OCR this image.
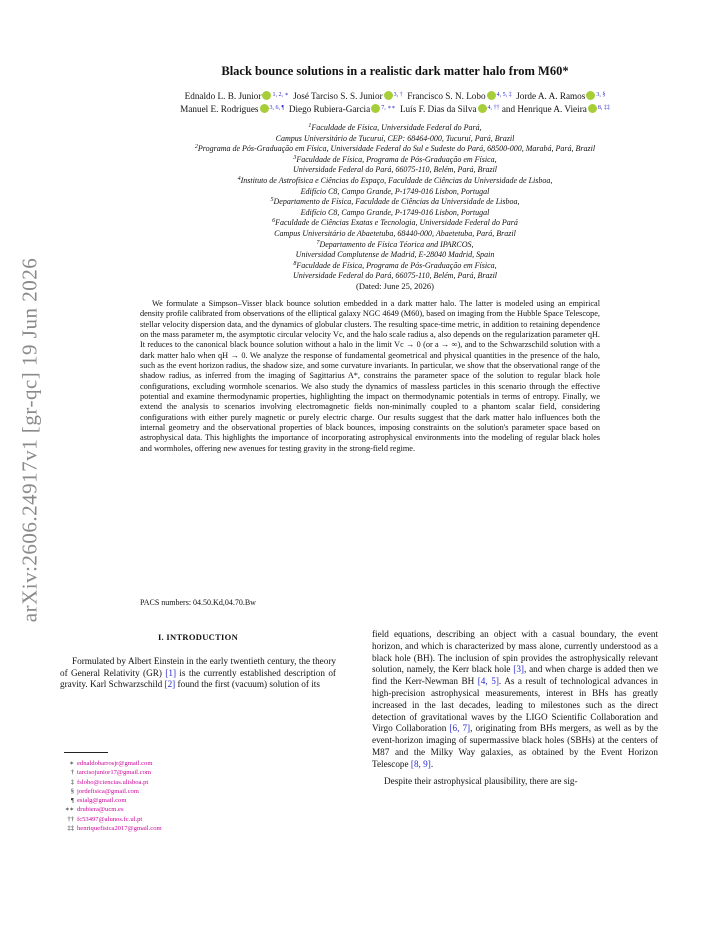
arXiv:2606.24917v1 [gr-qc] 19 Jun 2026
Black bounce solutions in a realistic dark matter halo from M60*
Ednaldo L. B. Junior $^{1, 2, ∗}$ José Tarciso S. S. Junior $^{3, \dagger}$ Francisco S. N. Lobo $^{4, 5, \ddagger}$ Jorde A. A. Ramos $^{3, \S}$
Manuel E. Rodrigues $^{3, 6, \P}$ Diego Rubiera-Garcia $^{7, ∗∗}$ Luís F. Dias da Silva $^{4, \dagger\dagger}$ and Henrique A. Vieira $^{8, \ddagger\ddagger}$

$^1$Faculdade de Física, Universidade Federal do Pará,
Campus Universitário de Tucuruí, CEP: 68464-000, Tucuruí, Pará, Brazil

$^2$Programa de Pós-Graduação em Física, Universidade Federal do Sul e Sudeste do Pará, 68500-000, Marabá, Pará, Brazil

$^3$Faculdade de Física, Programa de Pós-Graduação em Física,
Universidade Federal do Pará, 66075-110, Belém, Pará, Brazil

$^4$Instituto de Astrofísica e Ciências do Espaço, Faculdade de Ciências da Universidade de Lisboa,
Edifício C8, Campo Grande, P-1749-016 Lisbon, Portugal

$^5$Departamento de Física, Faculdade de Ciências da Universidade de Lisboa,
Edifício C8, Campo Grande, P-1749-016 Lisbon, Portugal

$^6$Faculdade de Ciências Exatas e Tecnologia, Universidade Federal do Pará
Campus Universitário de Abaetetuba, 68440-000, Abaetetuba, Pará, Brazil

$^7$Departamento de Física Téorica and IPARCOS,
Universidad Complutense de Madrid, E-28040 Madrid, Spain

$^8$Faculdade de Física, Programa de Pós-Graduação em Física,
Universidade Federal do Pará, 66075-110, Belém, Pará, Brazil

(Dated: June 25, 2026)

We formulate a Simpson–Visser black bounce solution embedded in a dark matter halo. The latter is modeled using an empirical density profile calibrated from observations of the elliptical galaxy NGC 4649 (M60), based on imaging from the Hubble Space Telescope, stellar velocity dispersion data, and the dynamics of globular clusters. The resulting space-time metric, in addition to retaining dependence on the mass parameter m, the asymptotic circular velocity Vc, and the halo scale radius a, also depends on the regularization parameter qH. It reduces to the canonical black bounce solution without a halo in the limit Vc → 0 (or a → ∞), and to the Schwarzschild solution with a dark matter halo when qH → 0. We analyze the response of fundamental geometrical and physical quantities in the presence of the halo, such as the event horizon radius, the shadow size, and some curvature invariants. In particular, we show that the observational range of the shadow radius, as inferred from the imaging of Sagittarius A*, constrains the parameter space of the solution to regular black hole configurations, excluding wormhole scenarios. We also study the dynamics of massless particles in this scenario through the effective potential and examine thermodynamic properties, highlighting the impact on thermodynamic potentials in terms of entropy. Finally, we extend the analysis to scenarios involving electromagnetic fields non-minimally coupled to a phantom scalar field, considering configurations with either purely magnetic or purely electric charge. Our results suggest that the dark matter halo influences both the internal geometry and the observational properties of black bounces, imposing constraints on the solution's parameter space based on astrophysical data. This highlights the importance of incorporating astrophysical environments into the modeling of regular black holes and wormholes, offering new avenues for testing gravity in the strong-field regime.

PACS numbers: 04.50.Kd,04.70.Bw
I. INTRODUCTION

Formulated by Albert Einstein in the early twentieth century, the theory of General Relativity (GR) [1] is the currently established description of gravity. Karl Schwarzschild [2] found the first (vacuum) solution of its

field equations, describing an object with a casual boundary, the event horizon, and which is characterized by mass alone, currently understood as a black hole (BH). The inclusion of spin provides the astrophysically relevant solution, namely, the Kerr black hole [3], and when charge is added then we find the Kerr-Newman BH [4, 5]. As a result of technological advances in high-precision astrophysical measurements, interest in BHs has greatly increased in the last decades, leading to milestones such as the direct detection of gravitational waves by the LIGO Scientific Collaboration and Virgo Collaboration [6, 7], originating from BHs mergers, as well as by the event-horizon imaging of supermassive black holes (SBHs) at the centers of M87 and the Milky Way galaxies, as obtained by the Event Horizon Telescope [8, 9].

Despite their astrophysical plausibility, there are sig-

∗ ednaldobarrosjr@gmail.com
† tarcisojunior17@gmail.com
‡ fslobo@ciencias.ulisboa.pt
§ jordefisica@gmail.com
¶ esialg@gmail.com
∗∗ drubiera@ucm.es
†† fc53497@alunos.fc.ul.pt
‡‡ henriquefisica2017@gmail.com
